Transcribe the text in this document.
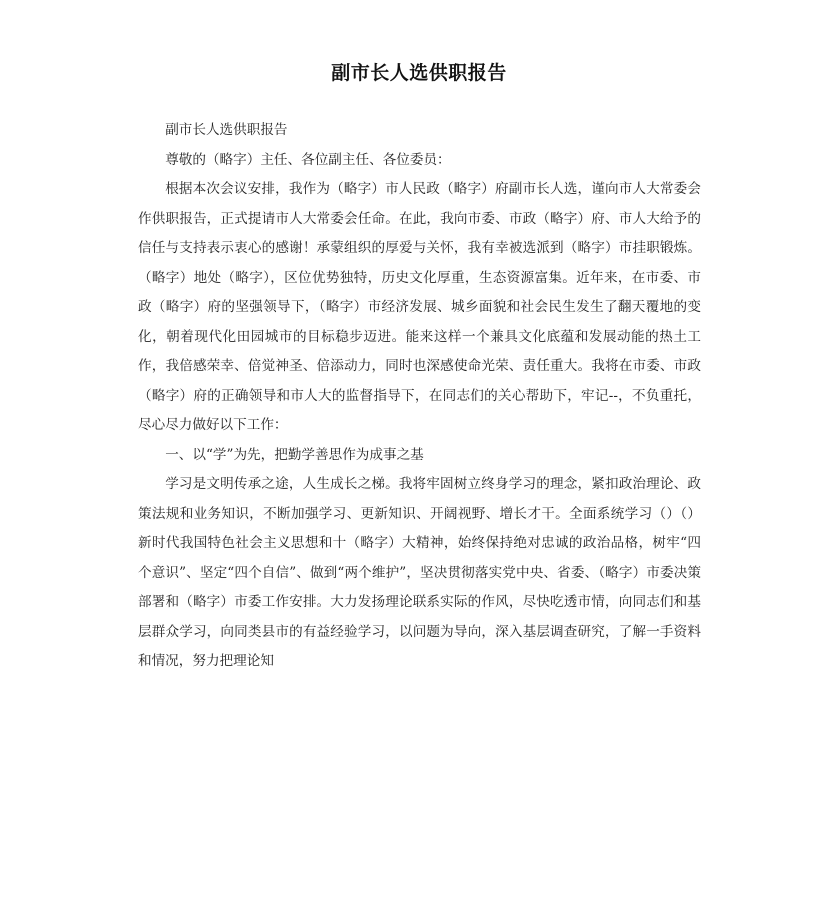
副市长人选供职报告

副市长人选供职报告

尊敬的（略字）主任、各位副主任、各位委员：

根据本次会议安排，我作为（略字）市人民政（略字）府副市长人选，谨向市人大常委会作供职报告，正式提请市人大常委会任命。在此，我向市委、市政（略字）府、市人大给予的信任与支持表示衷心的感谢！承蒙组织的厚爱与关怀，我有幸被选派到（略字）市挂职锻炼。（略字）地处（略字），区位优势独特，历史文化厚重，生态资源富集。近年来，在市委、市政（略字）府的坚强领导下，（略字）市经济发展、城乡面貌和社会民生发生了翻天覆地的变化，朝着现代化田园城市的目标稳步迈进。能来这样一个兼具文化底蕴和发展动能的热土工作，我倍感荣幸、倍觉神圣、倍添动力，同时也深感使命光荣、责任重大。我将在市委、市政（略字）府的正确领导和市人大的监督指导下，在同志们的关心帮助下，牢记--，不负重托，尽心尽力做好以下工作：

一、以“学”为先，把勤学善思作为成事之基

学习是文明传承之途，人生成长之梯。我将牢固树立终身学习的理念，紧扣政治理论、政策法规和业务知识，不断加强学习、更新知识、开阔视野、增长才干。全面系统学习（）（）新时代我国特色社会主义思想和十（略字）大精神，始终保持绝对忠诚的政治品格，树牢“四个意识”、坚定“四个自信”、做到“两个维护”，坚决贯彻落实党中央、省委、（略字）市委决策部署和（略字）市委工作安排。大力发扬理论联系实际的作风，尽快吃透市情，向同志们和基层群众学习，向同类县市的有益经验学习，以问题为导向，深入基层调查研究，了解一手资料和情况，努力把理论知
